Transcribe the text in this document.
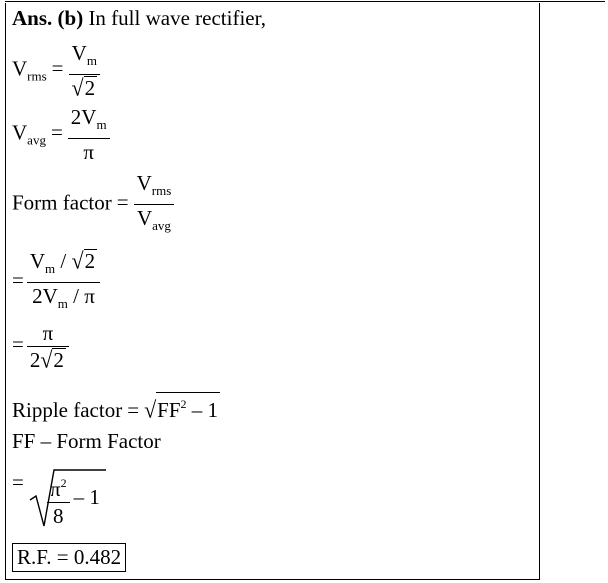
Ans. (b) In full wave rectifier,
$V_{rms} = \frac{V_m}{√2}$
$V_{avg} = \frac{2V_m}{\pi}$
Form factor = $\frac{V_{rms}}{V_{avg}}$
= $\frac{V_m / √2}{2V_m / \pi}$
= $\frac{\pi}{2√2}$
Ripple factor = $√FF^2 - 1$
FF – Form Factor
= $\frac{\pi^2}{8} - 1$
R.F. = 0.482
